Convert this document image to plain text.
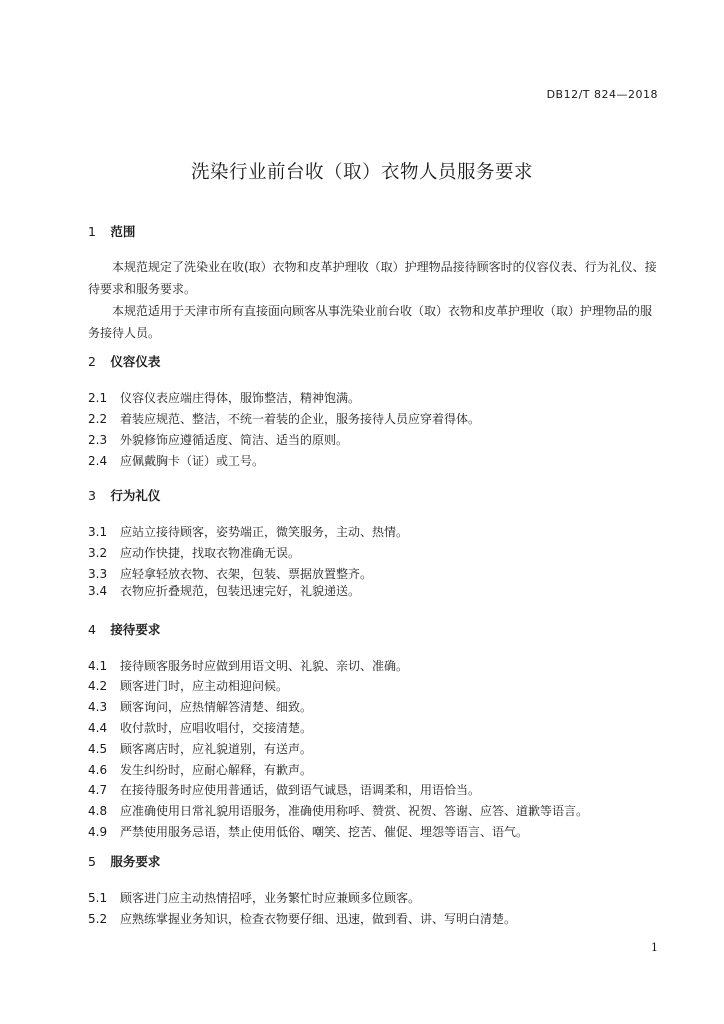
DB12/T 824—2018
洗染行业前台收（取）衣物人员服务要求
1 范围
本规范规定了洗染业在收(取）衣物和皮革护理收（取）护理物品接待顾客时的仪容仪表、行为礼仪、接待要求和服务要求。
本规范适用于天津市所有直接面向顾客从事洗染业前台收（取）衣物和皮革护理收（取）护理物品的服务接待人员。
2 仪容仪表
2.1 仪容仪表应端庄得体，服饰整洁，精神饱满。
2.2 着装应规范、整洁，不统一着装的企业，服务接待人员应穿着得体。
2.3 外貌修饰应遵循适度、简洁、适当的原则。
2.4 应佩戴胸卡（证）或工号。
3 行为礼仪
3.1 应站立接待顾客，姿势端正，微笑服务，主动、热情。
3.2 应动作快捷，找取衣物准确无误。
3.3 应轻拿轻放衣物、衣架，包装、票据放置整齐。
3.4 衣物应折叠规范，包装迅速完好，礼貌递送。
4 接待要求
4.1 接待顾客服务时应做到用语文明、礼貌、亲切、准确。
4.2 顾客进门时，应主动相迎问候。
4.3 顾客询问，应热情解答清楚、细致。
4.4 收付款时，应唱收唱付，交接清楚。
4.5 顾客离店时，应礼貌道别，有送声。
4.6 发生纠纷时，应耐心解释，有歉声。
4.7 在接待服务时应使用普通话，做到语气诚恳，语调柔和，用语恰当。
4.8 应准确使用日常礼貌用语服务，准确使用称呼、赞赏、祝贺、答谢、应答、道歉等语言。
4.9 严禁使用服务忌语，禁止使用低俗、嘲笑、挖苦、催促、埋怨等语言、语气。
5 服务要求
5.1 顾客进门应主动热情招呼，业务繁忙时应兼顾多位顾客。
5.2 应熟练掌握业务知识，检查衣物要仔细、迅速，做到看、讲、写明白清楚。
1
